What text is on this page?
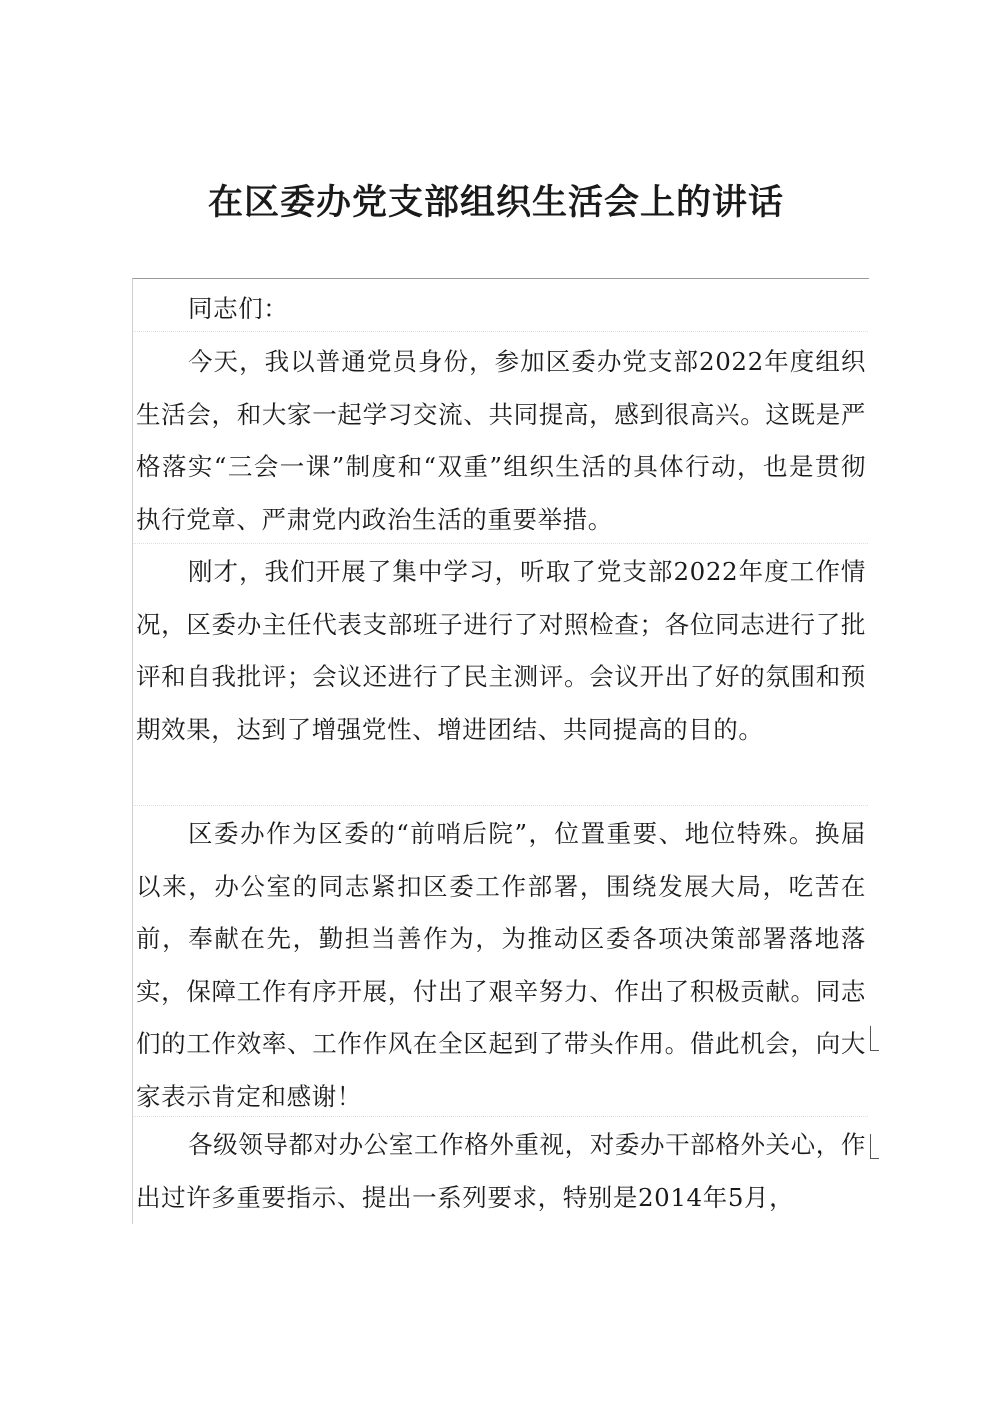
在区委办党支部组织生活会上的讲话

同志们：

今天，我以普通党员身份，参加区委办党支部2022年度组织生活会，和大家一起学习交流、共同提高，感到很高兴。这既是严格落实“三会一课”制度和“双重”组织生活的具体行动，也是贯彻执行党章、严肃党内政治生活的重要举措。

刚才，我们开展了集中学习，听取了党支部2022年度工作情况，区委办主任代表支部班子进行了对照检查；各位同志进行了批评和自我批评；会议还进行了民主测评。会议开出了好的氛围和预期效果，达到了增强党性、增进团结、共同提高的目的。

区委办作为区委的“前哨后院”，位置重要、地位特殊。换届以来，办公室的同志紧扣区委工作部署，围绕发展大局，吃苦在前，奉献在先，勤担当善作为，为推动区委各项决策部署落地落实，保障工作有序开展，付出了艰辛努力、作出了积极贡献。同志们的工作效率、工作作风在全区起到了带头作用。借此机会，向大家表示肯定和感谢！

各级领导都对办公室工作格外重视，对委办干部格外关心，作出过许多重要指示、提出一系列要求，特别是2014年5月，
